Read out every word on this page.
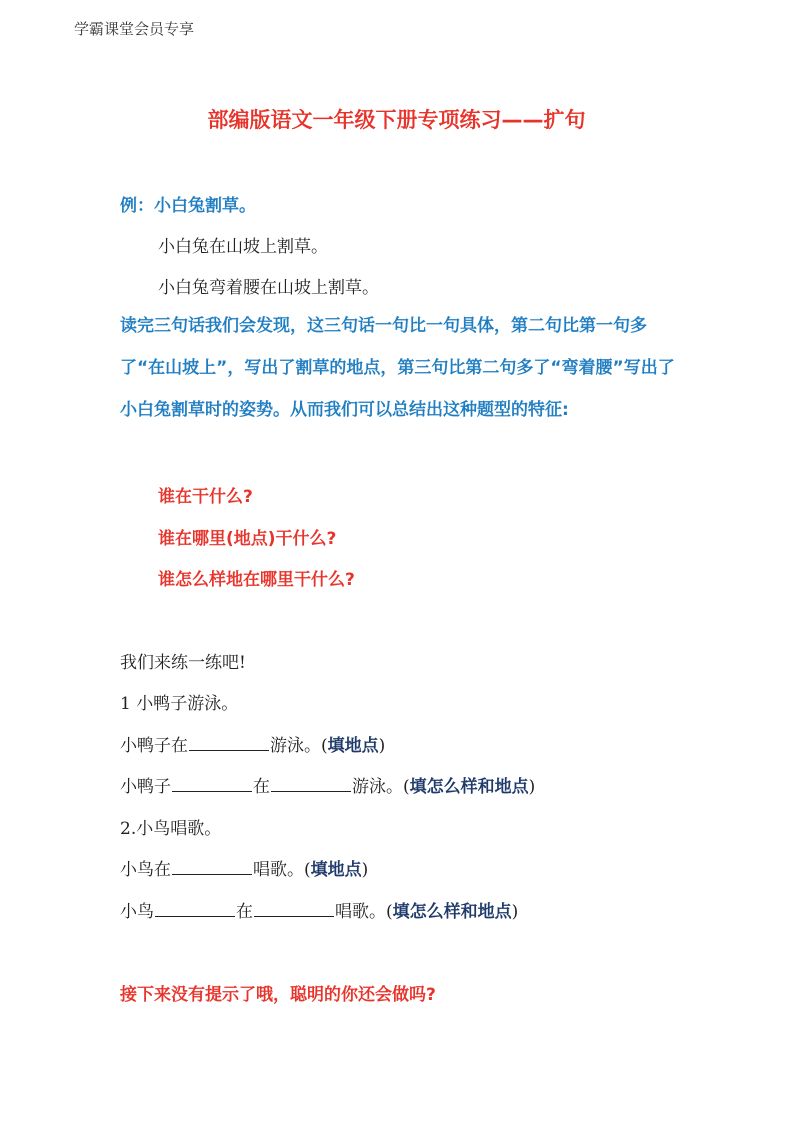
学霸课堂会员专享
部编版语文一年级下册专项练习——扩句
例：小白兔割草。
小白兔在山坡上割草。
小白兔弯着腰在山坡上割草。
读完三句话我们会发现，这三句话一句比一句具体，第二句比第一句多了“在山坡上”，写出了割草的地点，第三句比第二句多了“弯着腰”写出了小白兔割草时的姿势。从而我们可以总结出这种题型的特征:
谁在干什么?
谁在哪里(地点)干什么?
谁怎么样地在哪里干什么?
我们来练一练吧!
1 小鸭子游泳。
小鸭子在	游泳。(填地点)
小鸭子	在	游泳。(填怎么样和地点)
2.小鸟唱歌。
小鸟在	唱歌。(填地点)
小鸟	在	唱歌。(填怎么样和地点)
接下来没有提示了哦，聪明的你还会做吗?
